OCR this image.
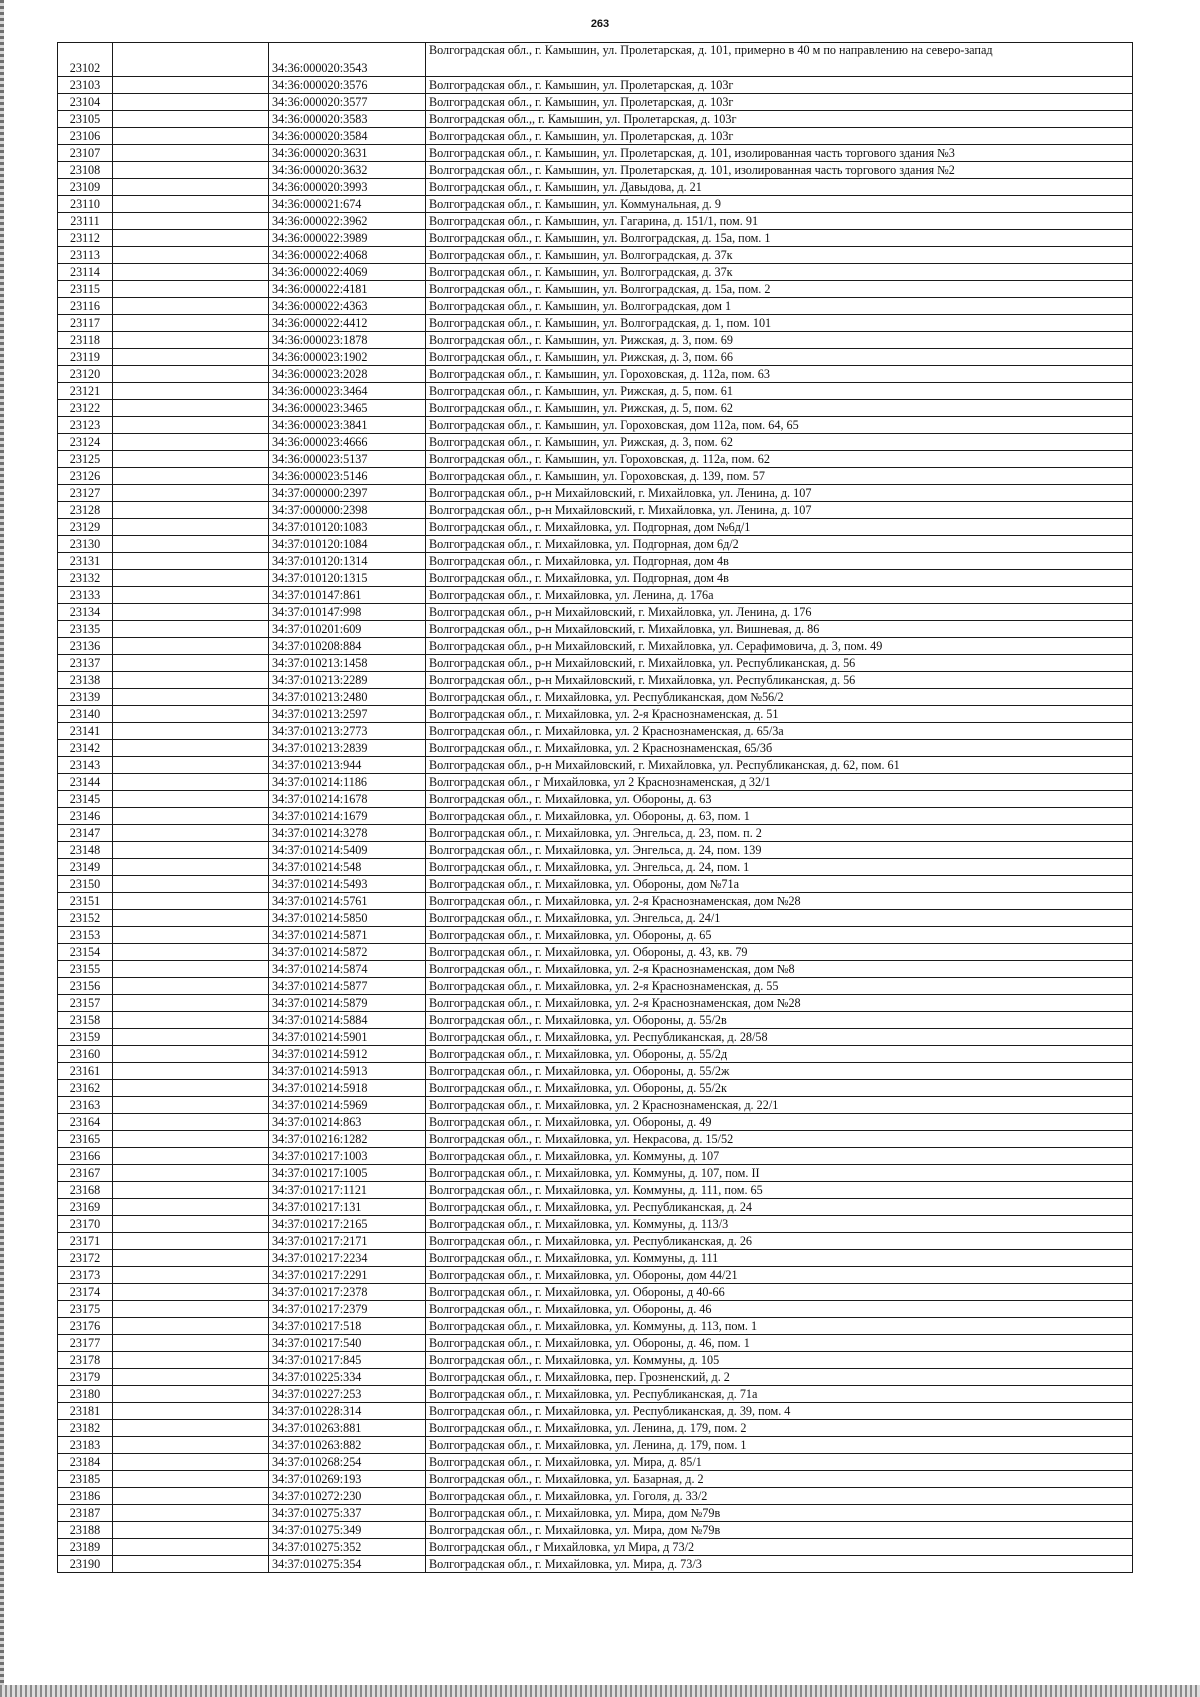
263
23102		34:36:000020:3543	Волгоградская обл., г. Камышин, ул. Пролетарская, д. 101, примерно в 40 м по направлению на северо-запад
23103		34:36:000020:3576	Волгоградская обл., г. Камышин, ул. Пролетарская, д. 103г
23104		34:36:000020:3577	Волгоградская обл., г. Камышин, ул. Пролетарская, д. 103г
23105		34:36:000020:3583	Волгоградская обл.,, г. Камышин, ул. Пролетарская, д. 103г
23106		34:36:000020:3584	Волгоградская обл., г. Камышин, ул. Пролетарская, д. 103г
23107		34:36:000020:3631	Волгоградская обл., г. Камышин, ул. Пролетарская, д. 101, изолированная часть торгового здания №3
23108		34:36:000020:3632	Волгоградская обл., г. Камышин, ул. Пролетарская, д. 101, изолированная часть торгового здания №2
23109		34:36:000020:3993	Волгоградская обл., г. Камышин, ул. Давыдова, д. 21
23110		34:36:000021:674	Волгоградская обл., г. Камышин, ул. Коммунальная, д. 9
23111		34:36:000022:3962	Волгоградская обл., г. Камышин, ул. Гагарина, д. 151/1, пом. 91
23112		34:36:000022:3989	Волгоградская обл., г. Камышин, ул. Волгоградская, д. 15а, пом. 1
23113		34:36:000022:4068	Волгоградская обл., г. Камышин, ул. Волгоградская, д. 37к
23114		34:36:000022:4069	Волгоградская обл., г. Камышин, ул. Волгоградская, д. 37к
23115		34:36:000022:4181	Волгоградская обл., г. Камышин, ул. Волгоградская, д. 15а, пом. 2
23116		34:36:000022:4363	Волгоградская обл., г. Камышин, ул. Волгоградская, дом 1
23117		34:36:000022:4412	Волгоградская обл., г. Камышин, ул. Волгоградская, д. 1, пом. 101
23118		34:36:000023:1878	Волгоградская обл., г. Камышин, ул. Рижская, д. 3, пом. 69
23119		34:36:000023:1902	Волгоградская обл., г. Камышин, ул. Рижская, д. 3, пом. 66
23120		34:36:000023:2028	Волгоградская обл., г. Камышин, ул. Гороховская, д. 112а, пом. 63
23121		34:36:000023:3464	Волгоградская обл., г. Камышин, ул. Рижская, д. 5, пом. 61
23122		34:36:000023:3465	Волгоградская обл., г. Камышин, ул. Рижская, д. 5, пом. 62
23123		34:36:000023:3841	Волгоградская обл., г. Камышин, ул. Гороховская, дом 112а, пом. 64, 65
23124		34:36:000023:4666	Волгоградская обл., г. Камышин, ул. Рижская, д. 3, пом. 62
23125		34:36:000023:5137	Волгоградская обл., г. Камышин, ул. Гороховская, д. 112а, пом. 62
23126		34:36:000023:5146	Волгоградская обл., г. Камышин, ул. Гороховская, д. 139, пом. 57
23127		34:37:000000:2397	Волгоградская обл., р-н Михайловский, г. Михайловка, ул. Ленина, д. 107
23128		34:37:000000:2398	Волгоградская обл., р-н Михайловский, г. Михайловка, ул. Ленина, д. 107
23129		34:37:010120:1083	Волгоградская обл., г. Михайловка, ул. Подгорная, дом №6д/1
23130		34:37:010120:1084	Волгоградская обл., г. Михайловка, ул. Подгорная, дом 6д/2
23131		34:37:010120:1314	Волгоградская обл., г. Михайловка, ул. Подгорная, дом 4в
23132		34:37:010120:1315	Волгоградская обл., г. Михайловка, ул. Подгорная, дом 4в
23133		34:37:010147:861	Волгоградская обл., г. Михайловка, ул. Ленина, д. 176а
23134		34:37:010147:998	Волгоградская обл., р-н Михайловский, г. Михайловка, ул. Ленина, д. 176
23135		34:37:010201:609	Волгоградская обл., р-н Михайловский, г. Михайловка, ул. Вишневая, д. 86
23136		34:37:010208:884	Волгоградская обл., р-н Михайловский, г. Михайловка, ул. Серафимовича, д. 3, пом. 49
23137		34:37:010213:1458	Волгоградская обл., р-н Михайловский, г. Михайловка, ул. Республиканская, д. 56
23138		34:37:010213:2289	Волгоградская обл., р-н Михайловский, г. Михайловка, ул. Республиканская, д. 56
23139		34:37:010213:2480	Волгоградская обл., г. Михайловка, ул. Республиканская, дом №56/2
23140		34:37:010213:2597	Волгоградская обл., г. Михайловка, ул. 2-я Краснознаменская, д. 51
23141		34:37:010213:2773	Волгоградская обл., г. Михайловка, ул. 2 Краснознаменская, д. 65/3а
23142		34:37:010213:2839	Волгоградская обл., г. Михайловка, ул. 2 Краснознаменская, 65/3б
23143		34:37:010213:944	Волгоградская обл., р-н Михайловский, г. Михайловка, ул. Республиканская, д. 62, пом. 61
23144		34:37:010214:1186	Волгоградская обл., г Михайловка, ул 2 Краснознаменская, д 32/1
23145		34:37:010214:1678	Волгоградская обл., г. Михайловка, ул. Обороны, д. 63
23146		34:37:010214:1679	Волгоградская обл., г. Михайловка, ул. Обороны, д. 63, пом. 1
23147		34:37:010214:3278	Волгоградская обл., г. Михайловка, ул. Энгельса, д. 23, пом. п. 2
23148		34:37:010214:5409	Волгоградская обл., г. Михайловка, ул. Энгельса, д. 24, пом. 139
23149		34:37:010214:548	Волгоградская обл., г. Михайловка, ул. Энгельса, д. 24, пом. 1
23150		34:37:010214:5493	Волгоградская обл., г. Михайловка, ул. Обороны, дом №71а
23151		34:37:010214:5761	Волгоградская обл., г. Михайловка, ул. 2-я Краснознаменская, дом №28
23152		34:37:010214:5850	Волгоградская обл., г. Михайловка, ул. Энгельса, д. 24/1
23153		34:37:010214:5871	Волгоградская обл., г. Михайловка, ул. Обороны, д. 65
23154		34:37:010214:5872	Волгоградская обл., г. Михайловка, ул. Обороны, д. 43, кв. 79
23155		34:37:010214:5874	Волгоградская обл., г. Михайловка, ул. 2-я Краснознаменская, дом №8
23156		34:37:010214:5877	Волгоградская обл., г. Михайловка, ул. 2-я Краснознаменская, д. 55
23157		34:37:010214:5879	Волгоградская обл., г. Михайловка, ул. 2-я Краснознаменская, дом №28
23158		34:37:010214:5884	Волгоградская обл., г. Михайловка, ул. Обороны, д. 55/2в
23159		34:37:010214:5901	Волгоградская обл., г. Михайловка, ул. Республиканская, д. 28/58
23160		34:37:010214:5912	Волгоградская обл., г. Михайловка, ул. Обороны, д. 55/2д
23161		34:37:010214:5913	Волгоградская обл., г. Михайловка, ул. Обороны, д. 55/2ж
23162		34:37:010214:5918	Волгоградская обл., г. Михайловка, ул. Обороны, д. 55/2к
23163		34:37:010214:5969	Волгоградская обл., г. Михайловка, ул. 2 Краснознаменская, д. 22/1
23164		34:37:010214:863	Волгоградская обл., г. Михайловка, ул. Обороны, д. 49
23165		34:37:010216:1282	Волгоградская обл., г. Михайловка, ул. Некрасова, д. 15/52
23166		34:37:010217:1003	Волгоградская обл., г. Михайловка, ул. Коммуны, д. 107
23167		34:37:010217:1005	Волгоградская обл., г. Михайловка, ул. Коммуны, д. 107, пом. II
23168		34:37:010217:1121	Волгоградская обл., г. Михайловка, ул. Коммуны, д. 111, пом. 65
23169		34:37:010217:131	Волгоградская обл., г. Михайловка, ул. Республиканская, д. 24
23170		34:37:010217:2165	Волгоградская обл., г. Михайловка, ул. Коммуны, д. 113/3
23171		34:37:010217:2171	Волгоградская обл., г. Михайловка, ул. Республиканская, д. 26
23172		34:37:010217:2234	Волгоградская обл., г. Михайловка, ул. Коммуны, д. 111
23173		34:37:010217:2291	Волгоградская обл., г. Михайловка, ул. Обороны, дом 44/21
23174		34:37:010217:2378	Волгоградская обл., г. Михайловка, ул. Обороны, д 40-66
23175		34:37:010217:2379	Волгоградская обл., г. Михайловка, ул. Обороны, д. 46
23176		34:37:010217:518	Волгоградская обл., г. Михайловка, ул. Коммуны, д. 113, пом. 1
23177		34:37:010217:540	Волгоградская обл., г. Михайловка, ул. Обороны, д. 46, пом. 1
23178		34:37:010217:845	Волгоградская обл., г. Михайловка, ул. Коммуны, д. 105
23179		34:37:010225:334	Волгоградская обл., г. Михайловка, пер. Грозненский, д. 2
23180		34:37:010227:253	Волгоградская обл., г. Михайловка, ул. Республиканская, д. 71а
23181		34:37:010228:314	Волгоградская обл., г. Михайловка, ул. Республиканская, д. 39, пом. 4
23182		34:37:010263:881	Волгоградская обл., г. Михайловка, ул. Ленина, д. 179, пом. 2
23183		34:37:010263:882	Волгоградская обл., г. Михайловка, ул. Ленина, д. 179, пом. 1
23184		34:37:010268:254	Волгоградская обл., г. Михайловка, ул. Мира, д. 85/1
23185		34:37:010269:193	Волгоградская обл., г. Михайловка, ул. Базарная, д. 2
23186		34:37:010272:230	Волгоградская обл., г. Михайловка, ул. Гоголя, д. 33/2
23187		34:37:010275:337	Волгоградская обл., г. Михайловка, ул. Мира, дом №79в
23188		34:37:010275:349	Волгоградская обл., г. Михайловка, ул. Мира, дом №79в
23189		34:37:010275:352	Волгоградская обл., г Михайловка, ул Мира, д 73/2
23190		34:37:010275:354	Волгоградская обл., г. Михайловка, ул. Мира, д. 73/3
